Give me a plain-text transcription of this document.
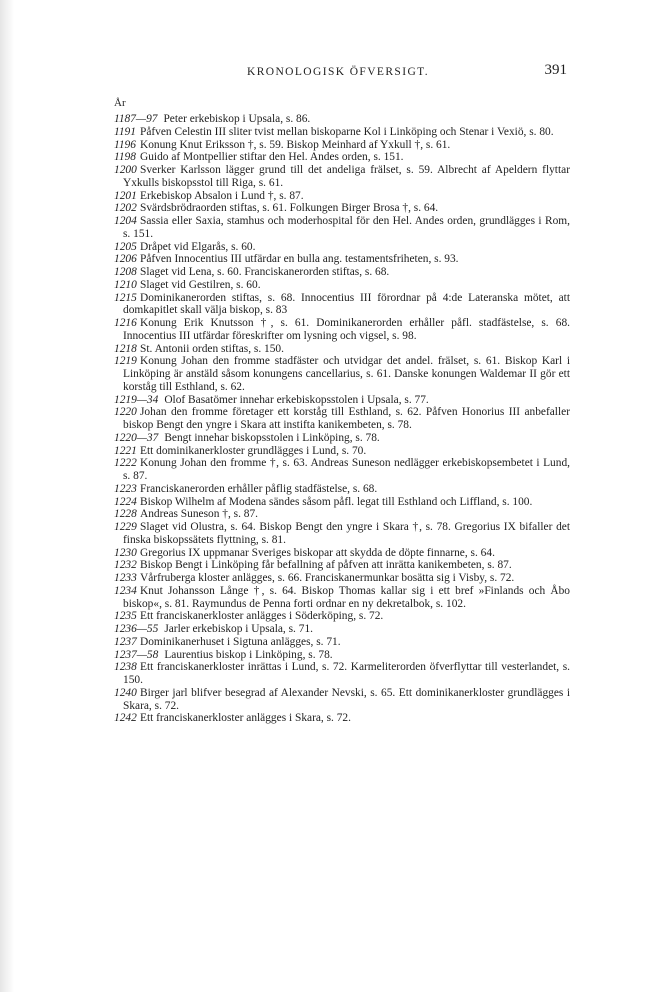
KRONOLOGISK ÖFVERSIGT.	391
År
1187—97 Peter erkebiskop i Upsala, s. 86.
1191 Påfven Celestin III sliter tvist mellan biskoparne Kol i Linköping och Stenar i Vexiö, s. 80.
1196 Konung Knut Eriksson †, s. 59. Biskop Meinhard af Yxkull †, s. 61.
1198 Guido af Montpellier stiftar den Hel. Andes orden, s. 151.
1200 Sverker Karlsson lägger grund till det andeliga frälset, s. 59. Albrecht af Apeldern flyttar Yxkulls biskopsstol till Riga, s. 61.
1201 Erkebiskop Absalon i Lund †, s. 87.
1202 Svärdsbrödraorden stiftas, s. 61. Folkungen Birger Brosa †, s. 64.
1204 Sassia eller Saxia, stamhus och moderhospital för den Hel. Andes orden, grundlägges i Rom, s. 151.
1205 Dråpet vid Elgarås, s. 60.
1206 Påfven Innocentius III utfärdar en bulla ang. testamentsfriheten, s. 93.
1208 Slaget vid Lena, s. 60. Franciskanerorden stiftas, s. 68.
1210 Slaget vid Gestilren, s. 60.
1215 Dominikanerorden stiftas, s. 68. Innocentius III förordnar på 4:de Lateranska mötet, att domkapitlet skall välja biskop, s. 83
1216 Konung Erik Knutsson †, s. 61. Dominikanerorden erhåller påfl. stadfästelse, s. 68. Innocentius III utfärdar föreskrifter om lysning och vigsel, s. 98.
1218 St. Antonii orden stiftas, s. 150.
1219 Konung Johan den fromme stadfäster och utvidgar det andel. frälset, s. 61. Biskop Karl i Linköping är anstäld såsom konungens cancellarius, s. 61. Danske konungen Waldemar II gör ett korståg till Esthland, s. 62.
1219—34 Olof Basatömer innehar erkebiskopsstolen i Upsala, s. 77.
1220 Johan den fromme företager ett korståg till Esthland, s. 62. Påfven Honorius III anbefaller biskop Bengt den yngre i Skara att instifta kanikembeten, s. 78.
1220—37 Bengt innehar biskopsstolen i Linköping, s. 78.
1221 Ett dominikanerkloster grundlägges i Lund, s. 70.
1222 Konung Johan den fromme †, s. 63. Andreas Suneson nedlägger erkebiskopsembetet i Lund, s. 87.
1223 Franciskanerorden erhåller påflig stadfästelse, s. 68.
1224 Biskop Wilhelm af Modena sändes såsom påfl. legat till Esthland och Liffland, s. 100.
1228 Andreas Suneson †, s. 87.
1229 Slaget vid Olustra, s. 64. Biskop Bengt den yngre i Skara †, s. 78. Gregorius IX bifaller det finska biskopssätets flyttning, s. 81.
1230 Gregorius IX uppmanar Sveriges biskopar att skydda de döpte finnarne, s. 64.
1232 Biskop Bengt i Linköping får befallning af påfven att inrätta kanikembeten, s. 87.
1233 Vårfruberga kloster anlägges, s. 66. Franciskanermunkar bosätta sig i Visby, s. 72.
1234 Knut Johansson Långe †, s. 64. Biskop Thomas kallar sig i ett bref »Finlands och Åbo biskop«, s. 81. Raymundus de Penna forti ordnar en ny dekretalbok, s. 102.
1235 Ett franciskanerkloster anlägges i Söderköping, s. 72.
1236—55 Jarler erkebiskop i Upsala, s. 71.
1237 Dominikanerhuset i Sigtuna anlägges, s. 71.
1237—58 Laurentius biskop i Linköping, s. 78.
1238 Ett franciskanerkloster inrättas i Lund, s. 72. Karmeliterorden öfverflyttar till vesterlandet, s. 150.
1240 Birger jarl blifver besegrad af Alexander Nevski, s. 65. Ett dominikanerkloster grundlägges i Skara, s. 72.
1242 Ett franciskanerkloster anlägges i Skara, s. 72.
